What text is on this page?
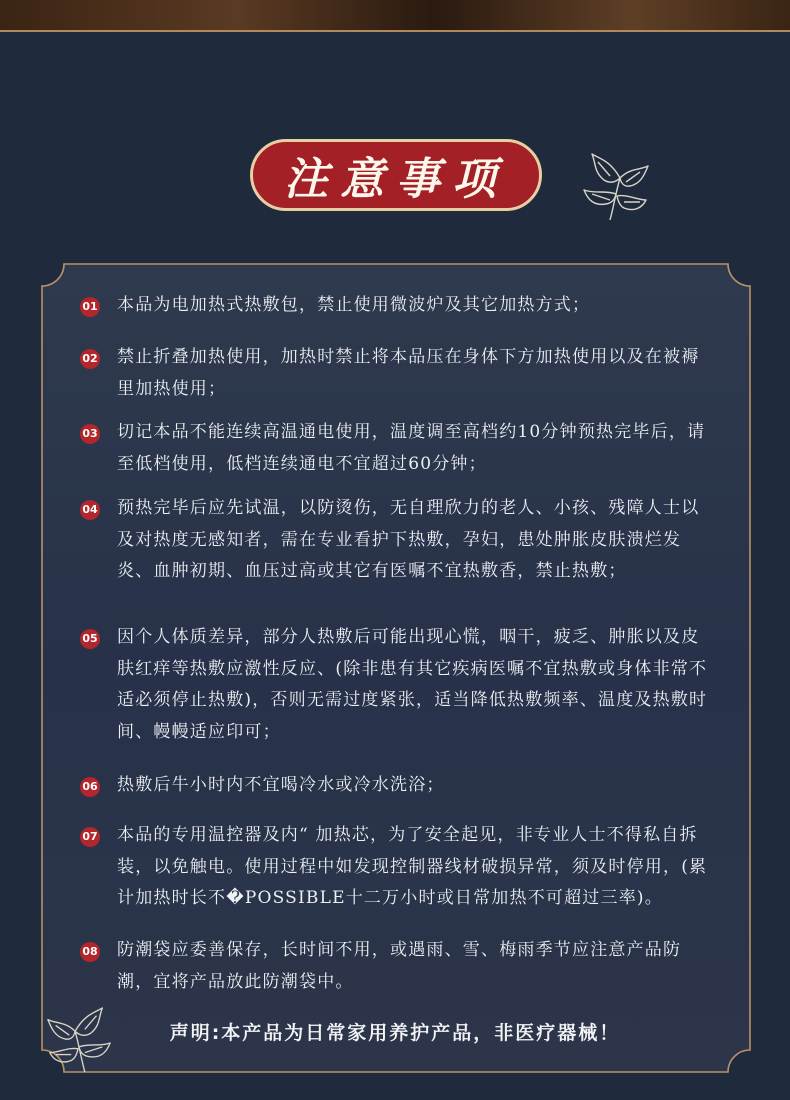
注意事项
01 本品为电加热式热敷包，禁止使用微波炉及其它加热方式；
02 禁止折叠加热使用，加热时禁止将本品压在身体下方加热使用以及在被褥里加热使用；
03 切记本品不能连续高温通电使用，温度调至高档约10分钟预热完毕后，请至低档使用，低档连续通电不宜超过60分钟；
04 预热完毕后应先试温，以防烫伤，无自理欣力的老人、小孩、残障人士以及对热度无感知者，需在专业看护下热敷，孕妇，患处肿胀皮肤溃烂发炎、血肿初期、血压过高或其它有医嘱不宜热敷香，禁止热敷；
05 因个人体质差异，部分人热敷后可能出现心慌，咽干，疲乏、肿胀以及皮肤红痒等热敷应激性反应、(除非患有其它疾病医嘱不宜热敷或身体非常不适必须停止热敷)，否则无需过度紧张，适当降低热敷频率、温度及热敷时间、幔幔适应印可；
06 热敷后牛小时内不宜喝冷水或冷水洗浴；
07 本品的专用温控器及内“ 加热芯，为了安全起见，非专业人士不得私自拆装，以免触电。使用过程中如发现控制器线材破损异常，须及时停用，(累计加热时长不�POSSIBLE十二万小时或日常加热不可超过三率)。
08 防潮袋应委善保存，长时间不用，或遇雨、雪、梅雨季节应注意产品防潮，宜将产品放此防潮袋中。
声明:本产品为日常家用养护产品，非医疗器械！
